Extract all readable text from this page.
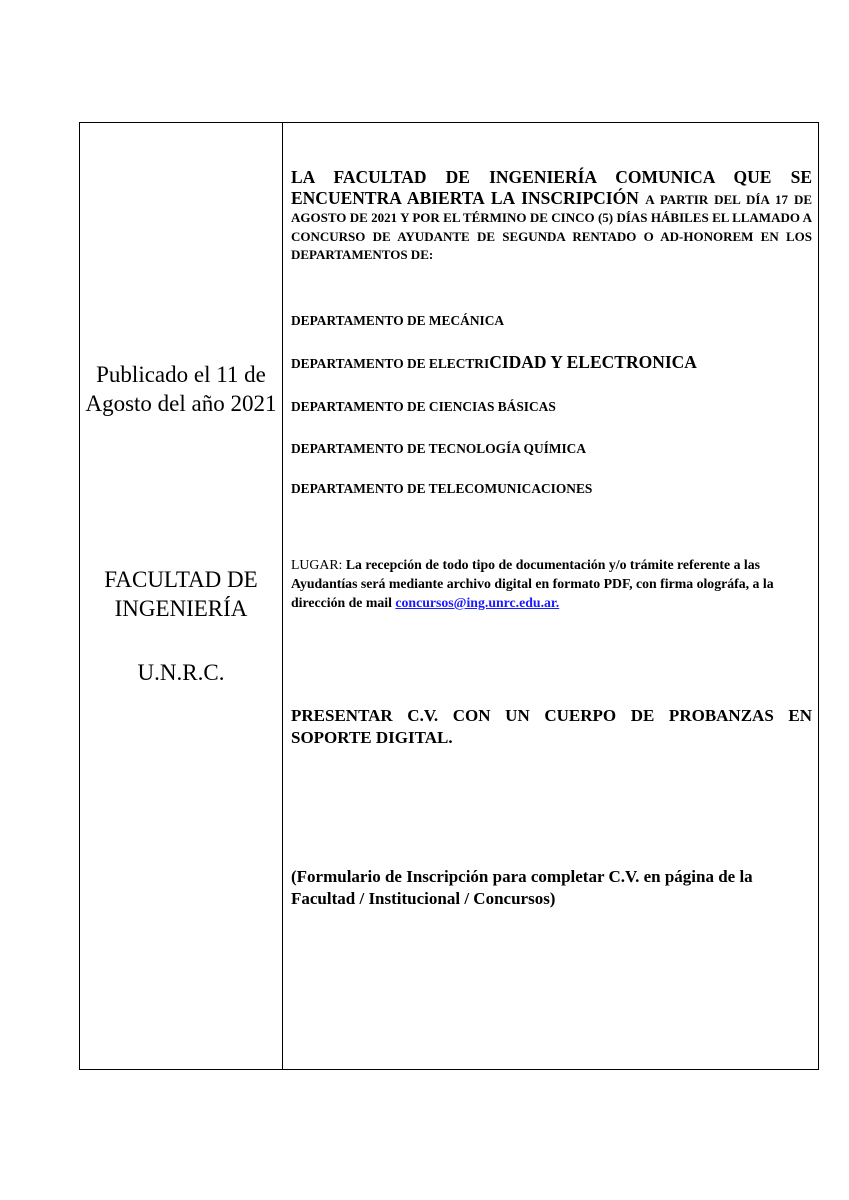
Publicado el 11 de Agosto del año 2021
FACULTAD DE INGENIERÍA
U.N.R.C.
LA FACULTAD DE INGENIERÍA COMUNICA QUE SE ENCUENTRA ABIERTA LA INSCRIPCIÓN A PARTIR DEL DÍA 17 DE AGOSTO DE 2021 Y POR EL TÉRMINO DE CINCO (5) DÍAS HÁBILES EL LLAMADO A CONCURSO DE AYUDANTE DE SEGUNDA RENTADO O AD-HONOREM EN LOS DEPARTAMENTOS DE:
DEPARTAMENTO DE MECÁNICA
DEPARTAMENTO DE ELECTRICIDAD Y ELECTRONICA
DEPARTAMENTO DE CIENCIAS BÁSICAS
DEPARTAMENTO DE TECNOLOGÍA QUÍMICA
DEPARTAMENTO DE TELECOMUNICACIONES
LUGAR: La recepción de todo tipo de documentación y/o trámite referente a las Ayudantías será mediante archivo digital en formato PDF, con firma olográfa, a la dirección de mail concursos@ing.unrc.edu.ar.
PRESENTAR C.V. CON UN CUERPO DE PROBANZAS EN SOPORTE DIGITAL.
(Formulario de Inscripción para completar C.V. en página de la Facultad / Institucional / Concursos)
